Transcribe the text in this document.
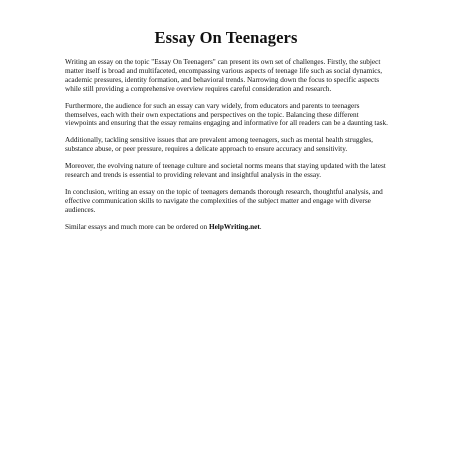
Essay On Teenagers

Writing an essay on the topic "Essay On Teenagers" can present its own set of challenges. Firstly, the subject matter itself is broad and multifaceted, encompassing various aspects of teenage life such as social dynamics, academic pressures, identity formation, and behavioral trends. Narrowing down the focus to specific aspects while still providing a comprehensive overview requires careful consideration and research.

Furthermore, the audience for such an essay can vary widely, from educators and parents to teenagers themselves, each with their own expectations and perspectives on the topic. Balancing these different viewpoints and ensuring that the essay remains engaging and informative for all readers can be a daunting task.

Additionally, tackling sensitive issues that are prevalent among teenagers, such as mental health struggles, substance abuse, or peer pressure, requires a delicate approach to ensure accuracy and sensitivity.

Moreover, the evolving nature of teenage culture and societal norms means that staying updated with the latest research and trends is essential to providing relevant and insightful analysis in the essay.

In conclusion, writing an essay on the topic of teenagers demands thorough research, thoughtful analysis, and effective communication skills to navigate the complexities of the subject matter and engage with diverse audiences.

Similar essays and much more can be ordered on HelpWriting.net.
